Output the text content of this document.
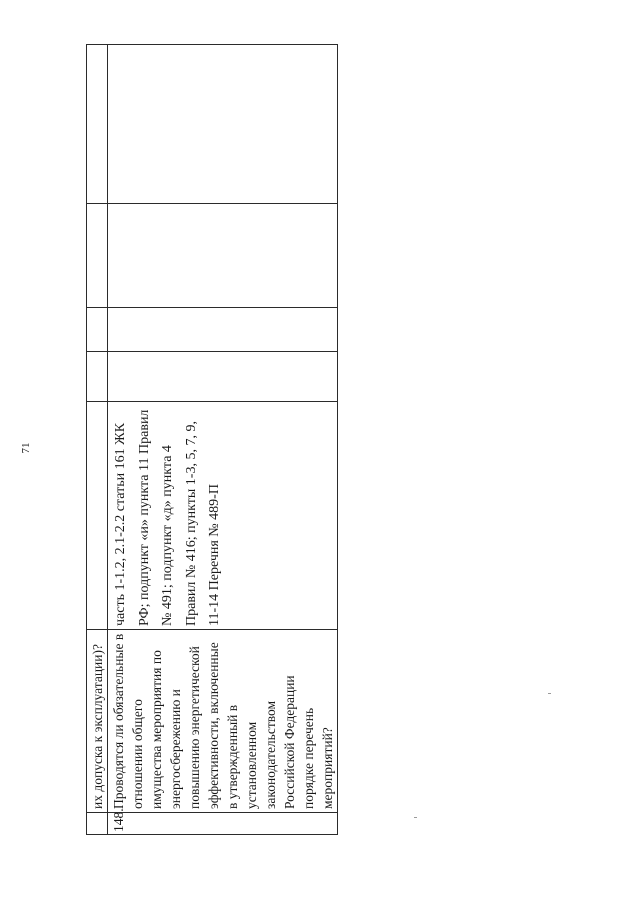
71

	их допуска к эксплуатации)?					

148.	Проводятся ли обязательные в отношении общего имущества мероприятия по энергосбережению и повышению энергетической эффективности, включенные в утвержденный в установленном законодательством Российской Федерации порядке перечень мероприятий?	часть 1-1.2, 2.1-2.2 статьи 161 ЖК РФ; подпункт «и» пункта 11 Правил № 491; подпункт «д» пункта 4 Правил № 416; пункты 1-3, 5, 7, 9, 11-14 Перечня № 489-П				
